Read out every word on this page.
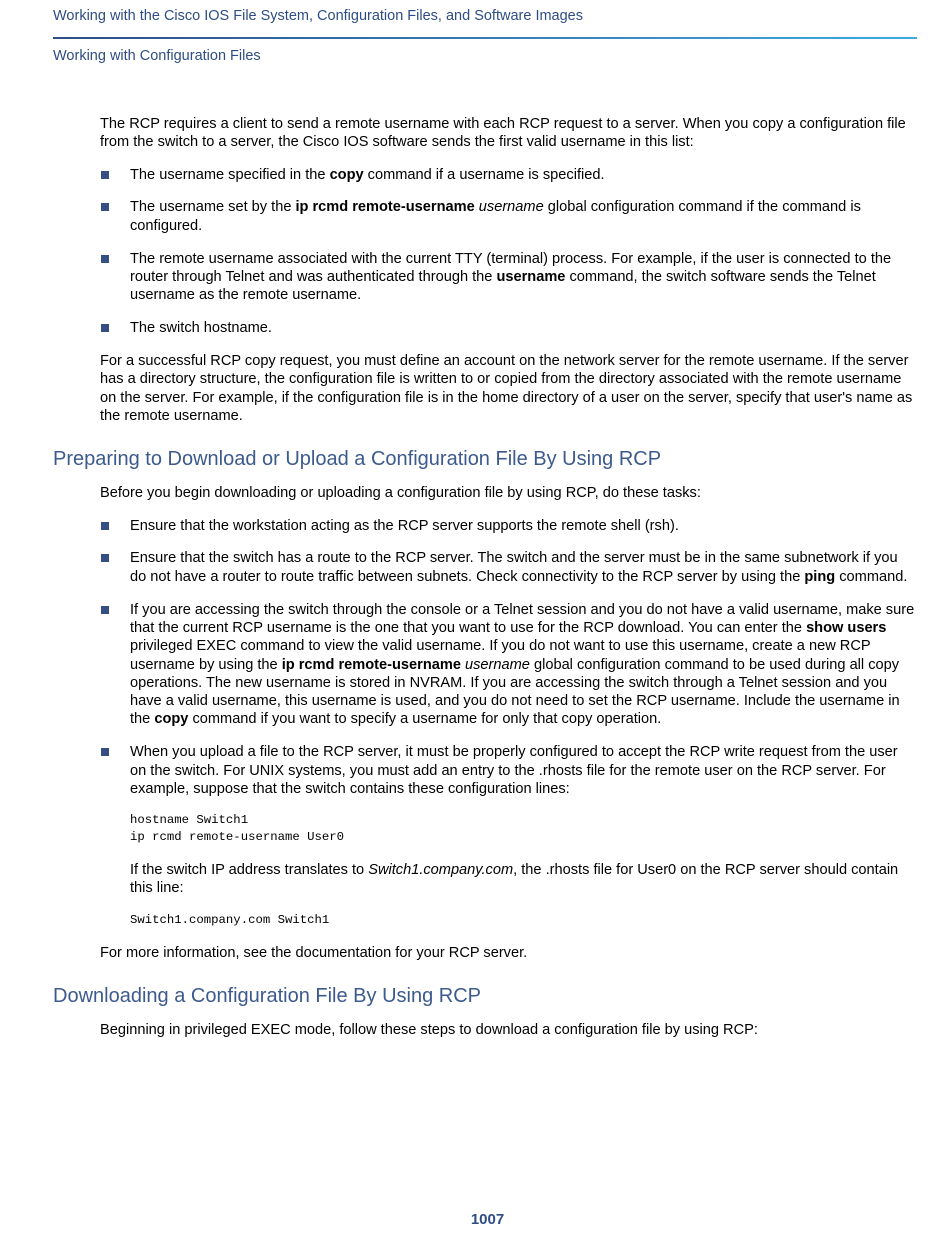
Working with the Cisco IOS File System, Configuration Files, and Software Images
Working with Configuration Files

The RCP requires a client to send a remote username with each RCP request to a server. When you copy a configuration file from the switch to a server, the Cisco IOS software sends the first valid username in this list:

The username specified in the copy command if a username is specified.
The username set by the ip rcmd remote-username username global configuration command if the command is configured.
The remote username associated with the current TTY (terminal) process. For example, if the user is connected to the router through Telnet and was authenticated through the username command, the switch software sends the Telnet username as the remote username.
The switch hostname.

For a successful RCP copy request, you must define an account on the network server for the remote username. If the server has a directory structure, the configuration file is written to or copied from the directory associated with the remote username on the server. For example, if the configuration file is in the home directory of a user on the server, specify that user's name as the remote username.

Preparing to Download or Upload a Configuration File By Using RCP

Before you begin downloading or uploading a configuration file by using RCP, do these tasks:

Ensure that the workstation acting as the RCP server supports the remote shell (rsh).
Ensure that the switch has a route to the RCP server. The switch and the server must be in the same subnetwork if you do not have a router to route traffic between subnets. Check connectivity to the RCP server by using the ping command.
If you are accessing the switch through the console or a Telnet session and you do not have a valid username, make sure that the current RCP username is the one that you want to use for the RCP download. You can enter the show users privileged EXEC command to view the valid username. If you do not want to use this username, create a new RCP username by using the ip rcmd remote-username username global configuration command to be used during all copy operations. The new username is stored in NVRAM. If you are accessing the switch through a Telnet session and you have a valid username, this username is used, and you do not need to set the RCP username. Include the username in the copy command if you want to specify a username for only that copy operation.
When you upload a file to the RCP server, it must be properly configured to accept the RCP write request from the user on the switch. For UNIX systems, you must add an entry to the .rhosts file for the remote user on the RCP server. For example, suppose that the switch contains these configuration lines:
hostname Switch1
ip rcmd remote-username User0

If the switch IP address translates to Switch1.company.com, the .rhosts file for User0 on the RCP server should contain this line:

Switch1.company.com Switch1

For more information, see the documentation for your RCP server.

Downloading a Configuration File By Using RCP

Beginning in privileged EXEC mode, follow these steps to download a configuration file by using RCP:

1007
